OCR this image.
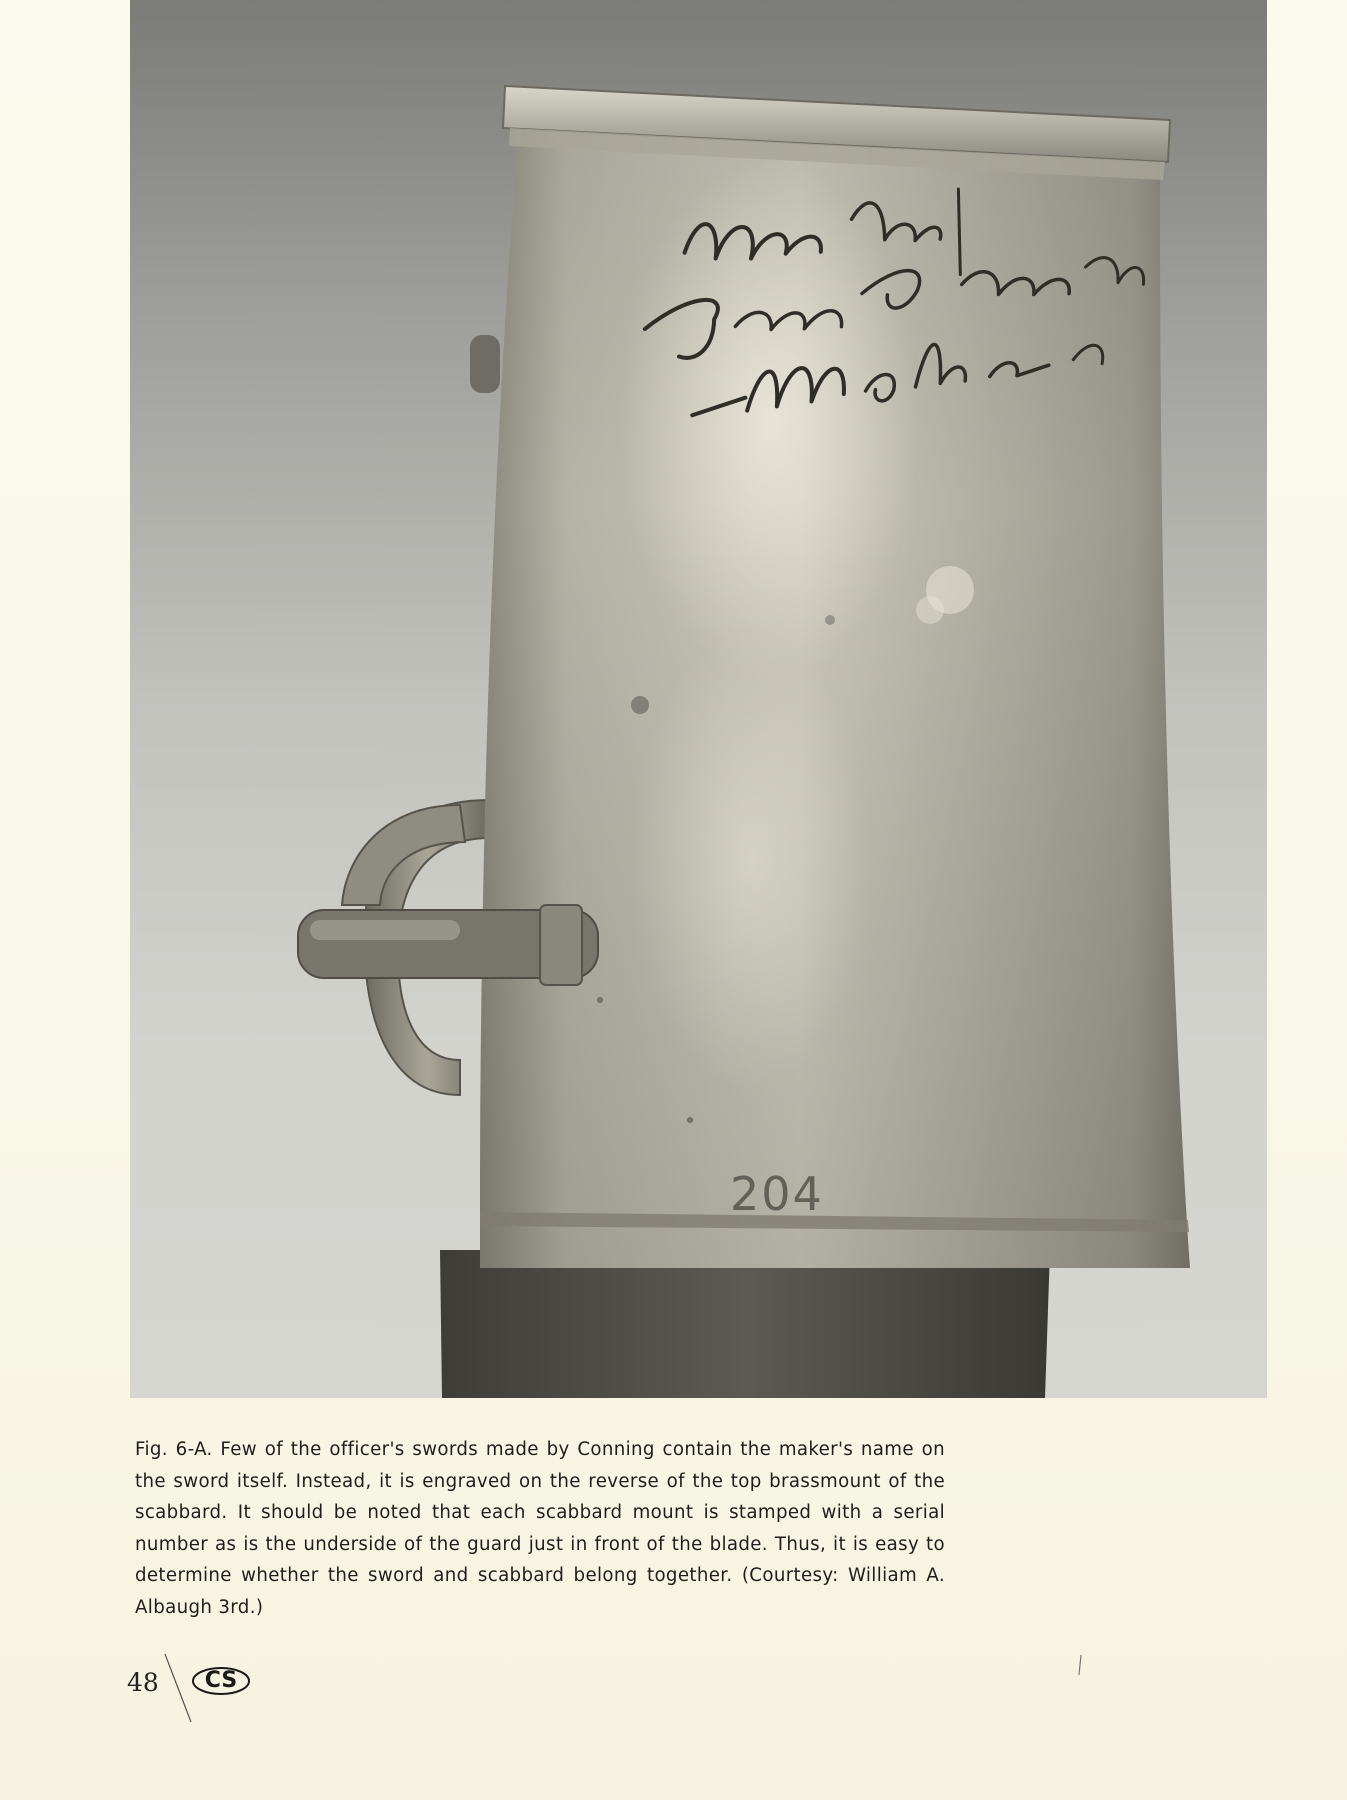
204

Fig. 6-A. Few of the officer's swords made by Conning contain the maker's name on the sword itself. Instead, it is engraved on the reverse of the top brassmount of the scabbard. It should be noted that each scabbard mount is stamped with a serial number as is the underside of the guard just in front of the blade. Thus, it is easy to determine whether the sword and scabbard belong together. (Courtesy: William A. Albaugh 3rd.)

48	CS
